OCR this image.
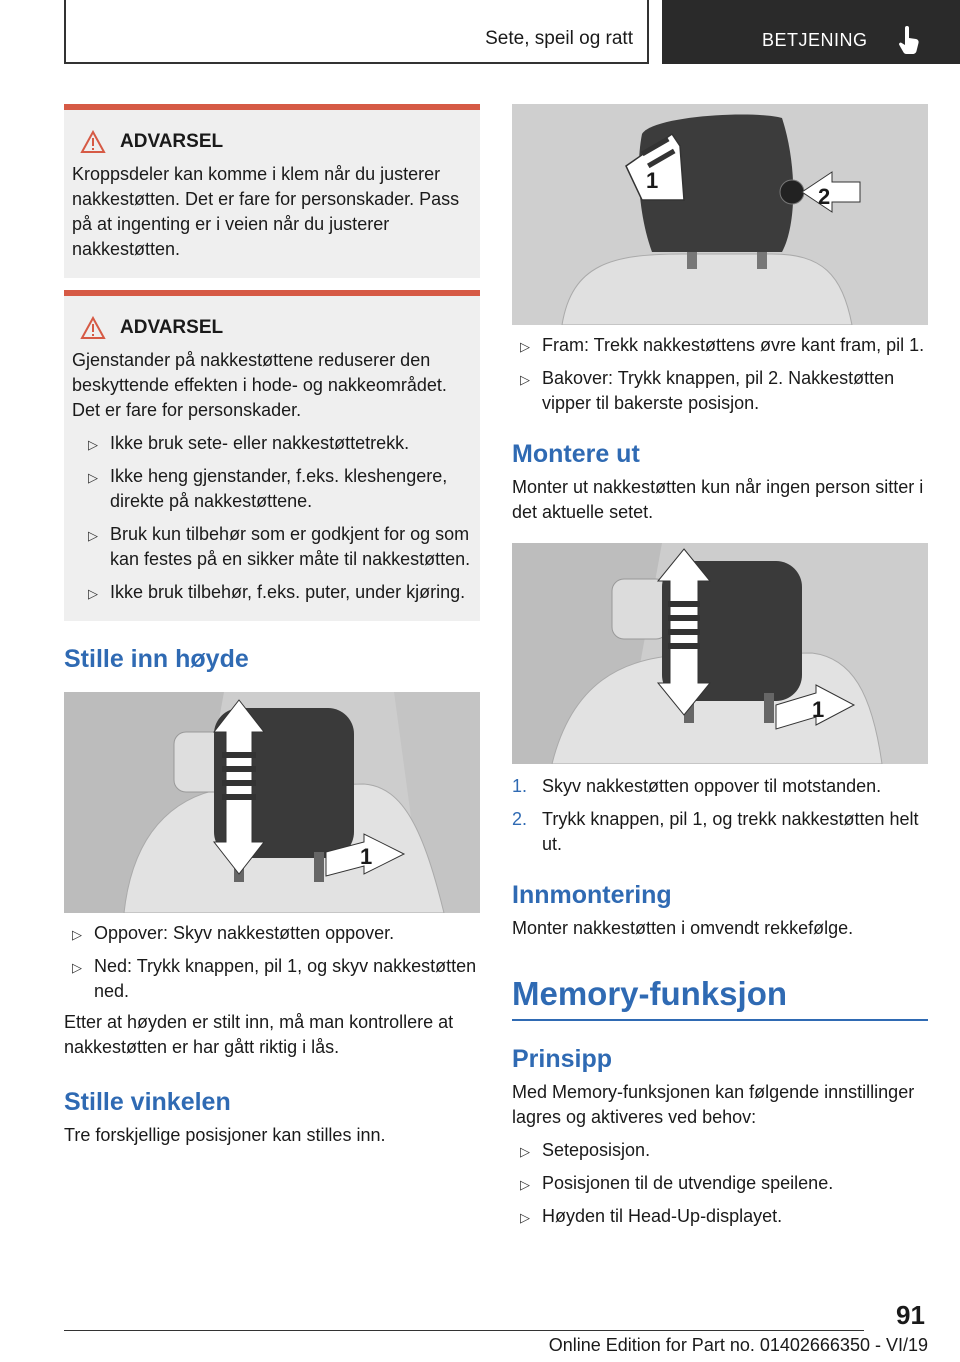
Sete, speil og ratt	BETJENING
ADVARSEL

Kroppsdeler kan komme i klem når du justerer nakkestøtten. Det er fare for personskader. Pass på at ingenting er i veien når du justerer nakkestøtten.

ADVARSEL

Gjenstander på nakkestøttene reduserer den beskyttende effekten i hode- og nakkeområdet. Det er fare for personskader.

▷ Ikke bruk sete- eller nakkestøttetrekk.
▷ Ikke heng gjenstander, f.eks. kleshengere, direkte på nakkestøttene.
▷ Bruk kun tilbehør som er godkjent for og som kan festes på en sikker måte til nakkestøtten.
▷ Ikke bruk tilbehør, f.eks. puter, under kjøring.
Stille inn høyde
1
▷ Oppover: Skyv nakkestøtten oppover.
▷ Ned: Trykk knappen, pil 1, og skyv nakkestøtten ned.

Etter at høyden er stilt inn, må man kontrollere at nakkestøtten er har gått riktig i lås.

Stille vinkelen

Tre forskjellige posisjoner kan stilles inn.

1
2
▷ Fram: Trekk nakkestøttens øvre kant fram, pil 1.
▷ Bakover: Trykk knappen, pil 2. Nakkestøtten vipper til bakerste posisjon.
Montere ut

Monter ut nakkestøtten kun når ingen person sitter i det aktuelle setet.

1
1. Skyv nakkestøtten oppover til motstanden.
2. Trykk knappen, pil 1, og trekk nakkestøtten helt ut.
Innmontering

Monter nakkestøtten i omvendt rekkefølge.

Memory-funksjon
Prinsipp

Med Memory-funksjonen kan følgende innstillinger lagres og aktiveres ved behov:

▷ Seteposisjon.
▷ Posisjonen til de utvendige speilene.
▷ Høyden til Head-Up-displayet.
91
Online Edition for Part no. 01402666350 - VI/19
